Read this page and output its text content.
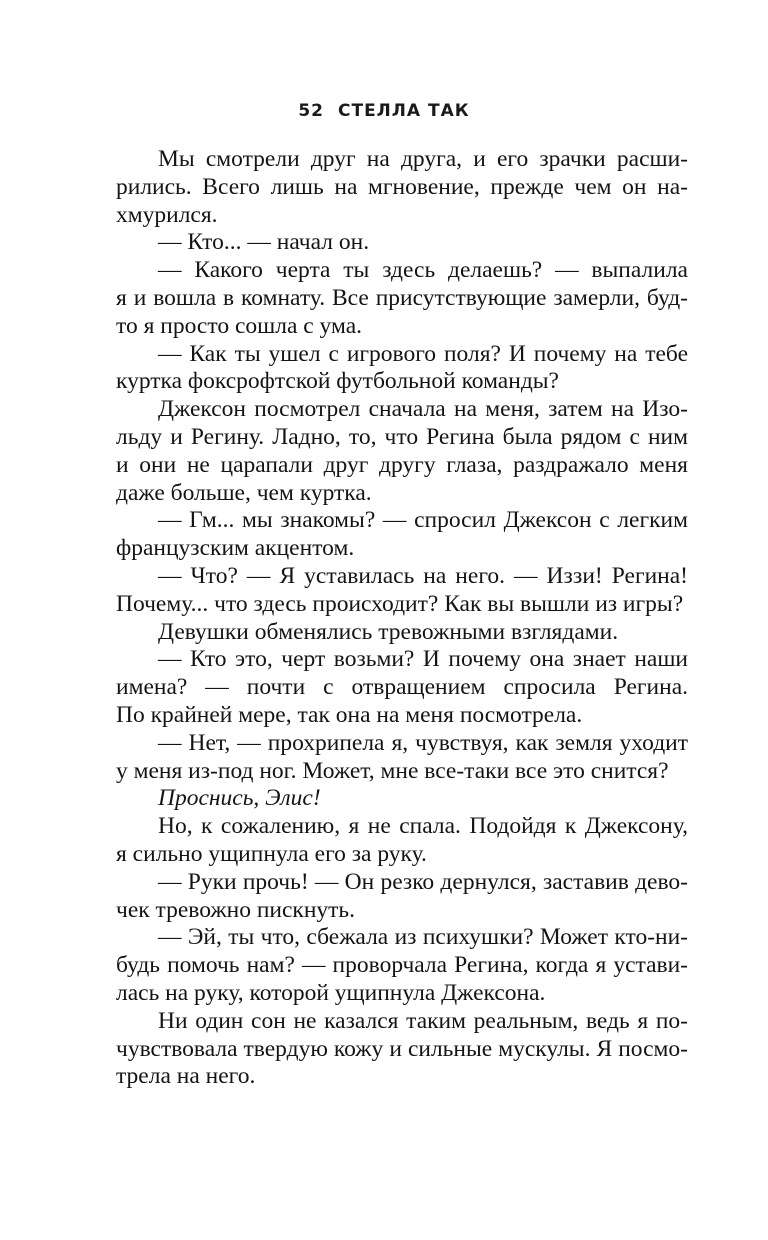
52 СТЕЛЛА ТАК
Мы смотрели друг на друга, и его зрачки расши-
рились. Всего лишь на мгновение, прежде чем он на-
хмурился.
— Кто... — начал он.
— Какого черта ты здесь делаешь? — выпалила
я и вошла в комнату. Все присутствующие замерли, буд-
то я просто сошла с ума.
— Как ты ушел с игрового поля? И почему на тебе
куртка фоксрофтской футбольной команды?
Джексон посмотрел сначала на меня, затем на Изо-
льду и Регину. Ладно, то, что Регина была рядом с ним
и они не царапали друг другу глаза, раздражало меня
даже больше, чем куртка.
— Гм... мы знакомы? — спросил Джексон с легким
французским акцентом.
— Что? — Я уставилась на него. — Иззи! Регина!
Почему... что здесь происходит? Как вы вышли из игры?
Девушки обменялись тревожными взглядами.
— Кто это, черт возьми? И почему она знает наши
имена? — почти с отвращением спросила Регина.
По крайней мере, так она на меня посмотрела.
— Нет, — прохрипела я, чувствуя, как земля уходит
у меня из-под ног. Может, мне все-таки все это снится?
Проснись, Элис!
Но, к сожалению, я не спала. Подойдя к Джексону,
я сильно ущипнула его за руку.
— Руки прочь! — Он резко дернулся, заставив дево-
чек тревожно пискнуть.
— Эй, ты что, сбежала из психушки? Может кто-ни-
будь помочь нам? — проворчала Регина, когда я устави-
лась на руку, которой ущипнула Джексона.
Ни один сон не казался таким реальным, ведь я по-
чувствовала твердую кожу и сильные мускулы. Я посмо-
трела на него.
